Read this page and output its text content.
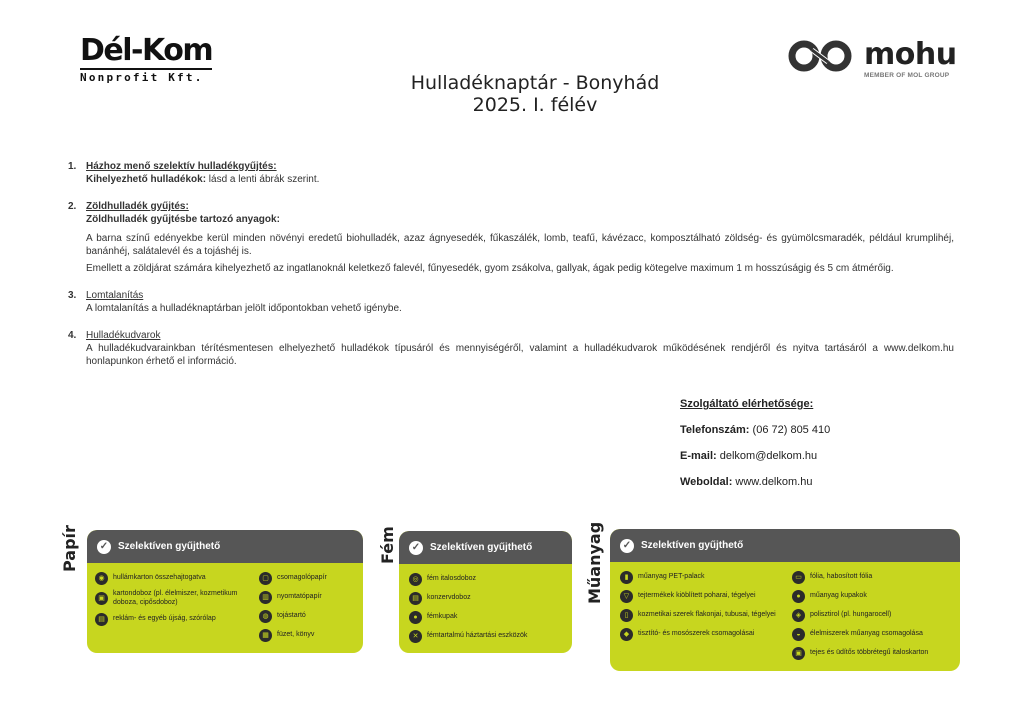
Dél-Kom
Nonprofit Kft.
mohu
MEMBER OF MOL GROUP
Hulladéknaptár - Bonyhád
2025. I. félév
1. Házhoz menő szelektív hulladékgyűjtés:
Kihelyezhető hulladékok: lásd a lenti ábrák szerint.
2. Zöldhulladék gyűjtés:
Zöldhulladék gyűjtésbe tartozó anyagok:
A barna színű edényekbe kerül minden növényi eredetű biohulladék, azaz ágnyesedék, fűkaszálék, lomb, teafű, kávézacc, komposztálható zöldség- és gyümölcsmaradék, például krumplihéj, banánhéj, salátalevél és a tojáshéj is.
Emellett a zöldjárat számára kihelyezhető az ingatlanoknál keletkező falevél, fűnyesedék, gyom zsákolva, gallyak, ágak pedig kötegelve maximum 1 m hosszúságig és 5 cm átmérőig.
3. Lomtalanítás
A lomtalanítás a hulladéknaptárban jelölt időpontokban vehető igénybe.
4. Hulladékudvarok
A hulladékudvarainkban térítésmentesen elhelyezhető hulladékok típusáról és mennyiségéről, valamint a hulladékudvarok működésének rendjéről és nyitva tartásáról a www.delkom.hu honlapunkon érhető el információ.
Szolgáltató elérhetősége:
Telefonszám: (06 72) 805 410
E-mail: delkom@delkom.hu
Weboldal: www.delkom.hu
Papír ✓ Szelektíven gyűjthető
◉	hullámkarton összehajtogatva
▣
kartondoboz (pl. élelmiszer, kozmetikum doboza, cipősdoboz)
▤	reklám- és egyéb újság, szórólap
▢	csomagolópapír
▥	nyomtatópapír
◍	tojástartó
▦	füzet, könyv
Fém ✓ Szelektíven gyűjthető
◎	fém italosdoboz
▤	konzervdoboz
●	fémkupak
✕	fémtartalmú háztartási eszközök
Műanyag ✓ Szelektíven gyűjthető
▮	műanyag PET-palack
▽	tejtermékek kiöblített poharai, tégelyei
▯	kozmetikai szerek flakonjai, tubusai, tégelyei
◆	tisztító- és mosószerek csomagolásai
▭	fólia, habosított fólia
●	műanyag kupakok
◈	polisztirol (pl. hungarocell)
◒	élelmiszerek műanyag csomagolása
▣	tejes és üdítős többrétegű italoskarton
